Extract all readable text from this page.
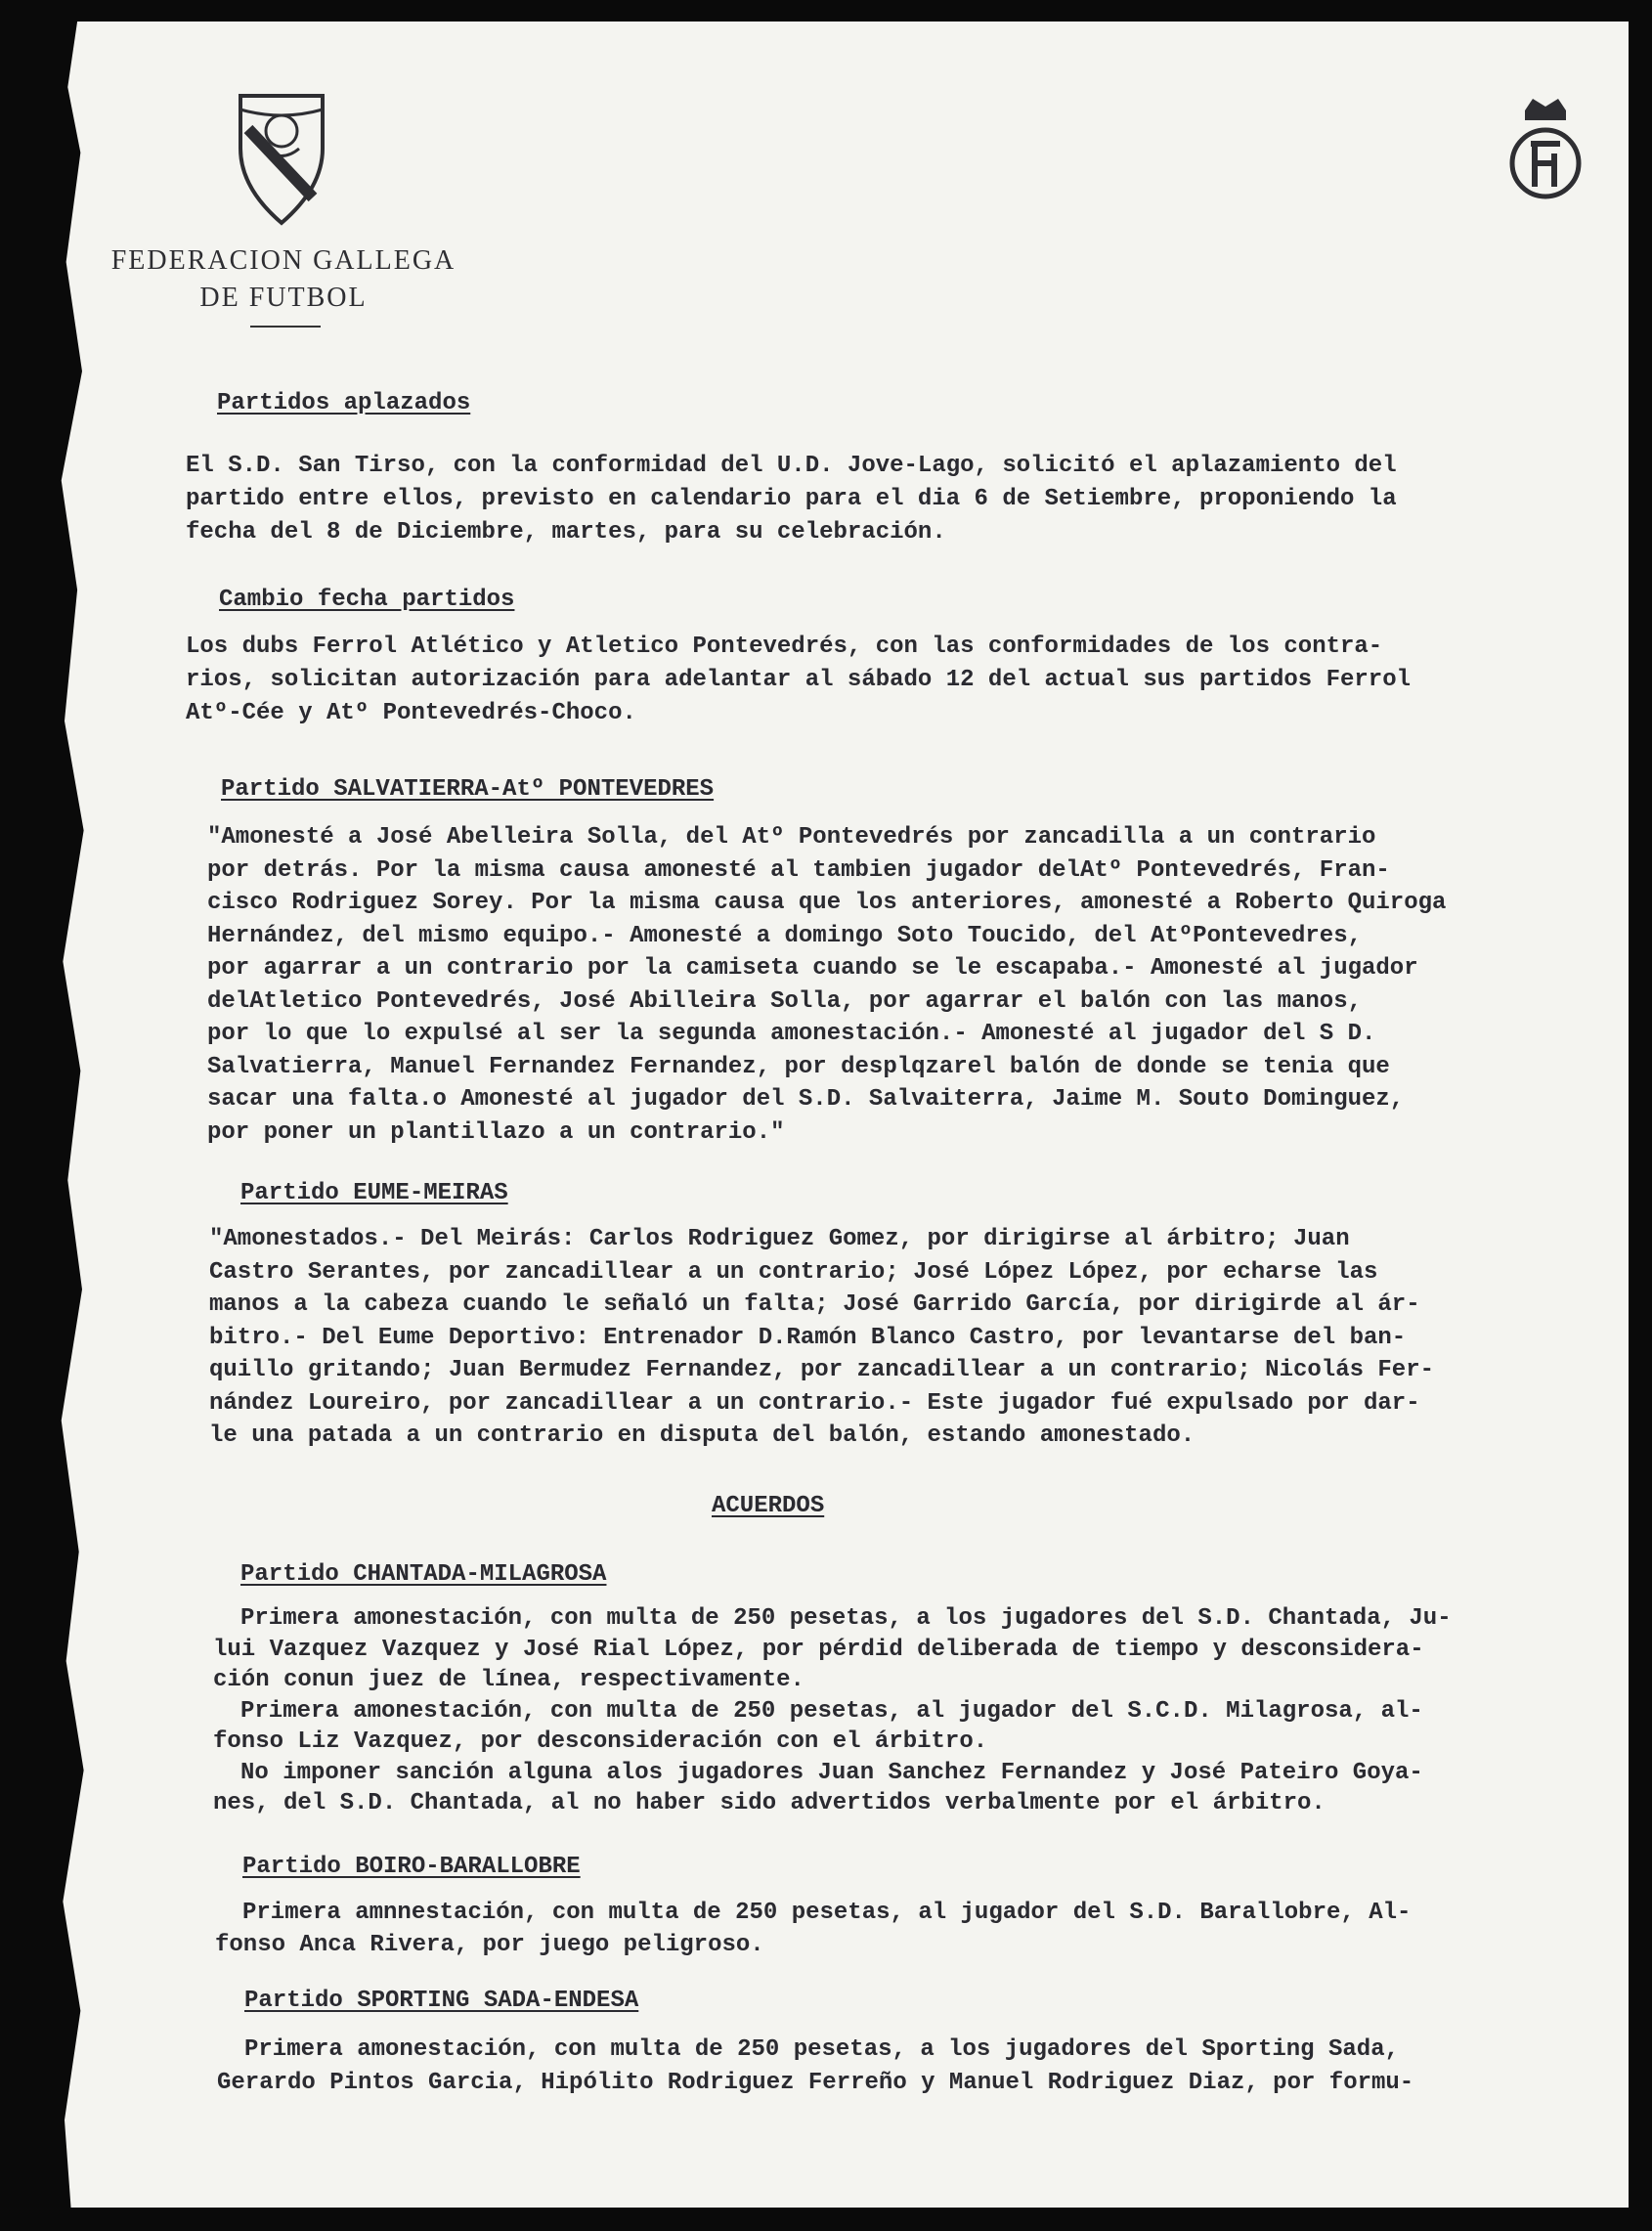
FEDERACION GALLEGA
DE FUTBOL
Partidos aplazados
El S.D. San Tirso, con la conformidad del U.D. Jove-Lago, solicitó el aplazamiento del
partido entre ellos, previsto en calendario para el dia 6 de Setiembre, proponiendo la
fecha del 8 de Diciembre, martes, para su celebración.
Cambio fecha partidos
Los dubs Ferrol Atlético y Atletico Pontevedrés, con las conformidades de los contra-
rios, solicitan autorización para adelantar al sábado 12 del actual sus partidos Ferrol
Atº-Cée y Atº Pontevedrés-Choco.
Partido SALVATIERRA-Atº PONTEVEDRES
"Amonesté a José Abelleira Solla, del Atº Pontevedrés por zancadilla a un contrario
por detrás. Por la misma causa amonesté al tambien jugador delAtº Pontevedrés, Fran-
cisco Rodriguez Sorey. Por la misma causa que los anteriores, amonesté a Roberto Quiroga
Hernández, del mismo equipo.- Amonesté a domingo Soto Toucido, del AtºPontevedres,
por agarrar a un contrario por la camiseta cuando se le escapaba.- Amonesté al jugador
delAtletico Pontevedrés, José Abilleira Solla, por agarrar el balón con las manos,
por lo que lo expulsé al ser la segunda amonestación.- Amonesté al jugador del S D.
Salvatierra, Manuel Fernandez Fernandez, por desplqzarel balón de donde se tenia que
sacar una falta.o Amonesté al jugador del S.D. Salvaiterra, Jaime M. Souto Dominguez,
por poner un plantillazo a un contrario."
Partido EUME-MEIRAS
"Amonestados.- Del Meirás: Carlos Rodriguez Gomez, por dirigirse al árbitro; Juan
Castro Serantes, por zancadillear a un contrario; José López López, por echarse las
manos a la cabeza cuando le señaló un falta; José Garrido García, por dirigirde al ár-
bitro.- Del Eume Deportivo: Entrenador D.Ramón Blanco Castro, por levantarse del ban-
quillo gritando; Juan Bermudez Fernandez, por zancadillear a un contrario; Nicolás Fer-
nández Loureiro, por zancadillear a un contrario.- Este jugador fué expulsado por dar-
le una patada a un contrario en disputa del balón, estando amonestado.
ACUERDOS
Partido CHANTADA-MILAGROSA
Primera amonestación, con multa de 250 pesetas, a los jugadores del S.D. Chantada, Ju-
lui Vazquez Vazquez y José Rial López, por pérdid deliberada de tiempo y desconsidera-
ción conun juez de línea, respectivamente.
Primera amonestación, con multa de 250 pesetas, al jugador del S.C.D. Milagrosa, al-
fonso Liz Vazquez, por desconsideración con el árbitro.
No imponer sanción alguna alos jugadores Juan Sanchez Fernandez y José Pateiro Goya-
nes, del S.D. Chantada, al no haber sido advertidos verbalmente por el árbitro.
Partido BOIRO-BARALLOBRE
Primera amnnestación, con multa de 250 pesetas, al jugador del S.D. Barallobre, Al-
fonso Anca Rivera, por juego peligroso.
Partido SPORTING SADA-ENDESA
Primera amonestación, con multa de 250 pesetas, a los jugadores del Sporting Sada,
Gerardo Pintos Garcia, Hipólito Rodriguez Ferreño y Manuel Rodriguez Diaz, por formu-
